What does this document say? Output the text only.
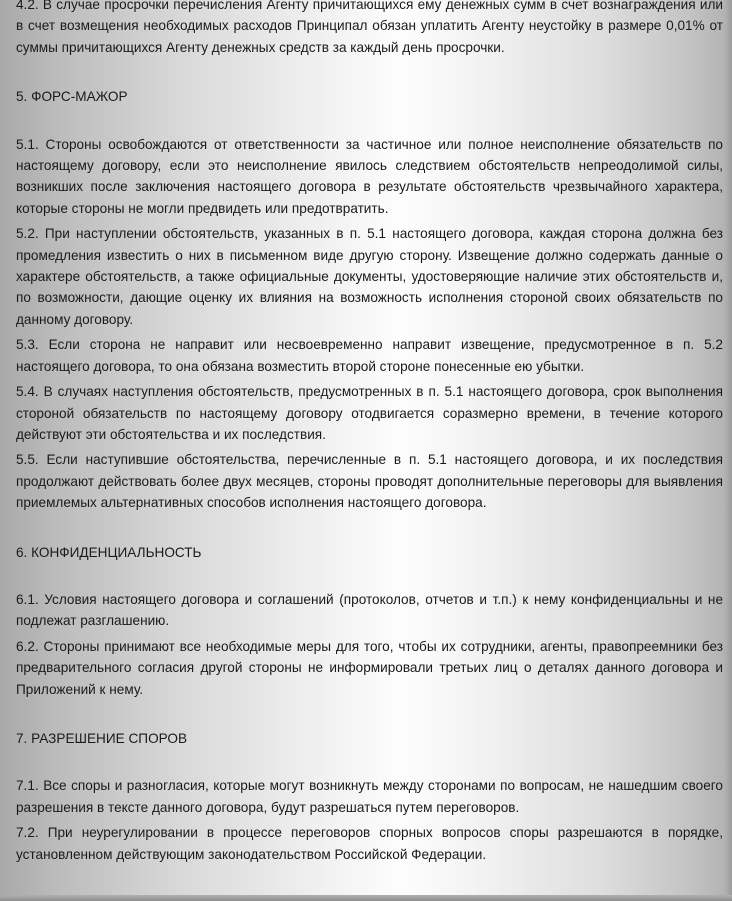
4.2. В случае просрочки перечисления Агенту причитающихся ему денежных сумм в счет вознаграждения или в счет возмещения необходимых расходов Принципал обязан уплатить Агенту неустойку в размере 0,01% от суммы причитающихся Агенту денежных средств за каждый день просрочки.

5. ФОРС-МАЖОР

5.1. Стороны освобождаются от ответственности за частичное или полное неисполнение обязательств по настоящему договору, если это неисполнение явилось следствием обстоятельств непреодолимой силы, возникших после заключения настоящего договора в результате обстоятельств чрезвычайного характера, которые стороны не могли предвидеть или предотвратить.

5.2. При наступлении обстоятельств, указанных в п. 5.1 настоящего договора, каждая сторона должна без промедления известить о них в письменном виде другую сторону. Извещение должно содержать данные о характере обстоятельств, а также официальные документы, удостоверяющие наличие этих обстоятельств и, по возможности, дающие оценку их влияния на возможность исполнения стороной своих обязательств по данному договору.

5.3. Если сторона не направит или несвоевременно направит извещение, предусмотренное в п. 5.2 настоящего договора, то она обязана возместить второй стороне понесенные ею убытки.

5.4. В случаях наступления обстоятельств, предусмотренных в п. 5.1 настоящего договора, срок выполнения стороной обязательств по настоящему договору отодвигается соразмерно времени, в течение которого действуют эти обстоятельства и их последствия.

5.5. Если наступившие обстоятельства, перечисленные в п. 5.1 настоящего договора, и их последствия продолжают действовать более двух месяцев, стороны проводят дополнительные переговоры для выявления приемлемых альтернативных способов исполнения настоящего договора.

6. КОНФИДЕНЦИАЛЬНОСТЬ

6.1. Условия настоящего договора и соглашений (протоколов, отчетов и т.п.) к нему конфиденциальны и не подлежат разглашению.

6.2. Стороны принимают все необходимые меры для того, чтобы их сотрудники, агенты, правопреемники без предварительного согласия другой стороны не информировали третьих лиц о деталях данного договора и Приложений к нему.

7. РАЗРЕШЕНИЕ СПОРОВ

7.1. Все споры и разногласия, которые могут возникнуть между сторонами по вопросам, не нашедшим своего разрешения в тексте данного договора, будут разрешаться путем переговоров.

7.2. При неурегулировании в процессе переговоров спорных вопросов споры разрешаются в порядке, установленном действующим законодательством Российской Федерации.
